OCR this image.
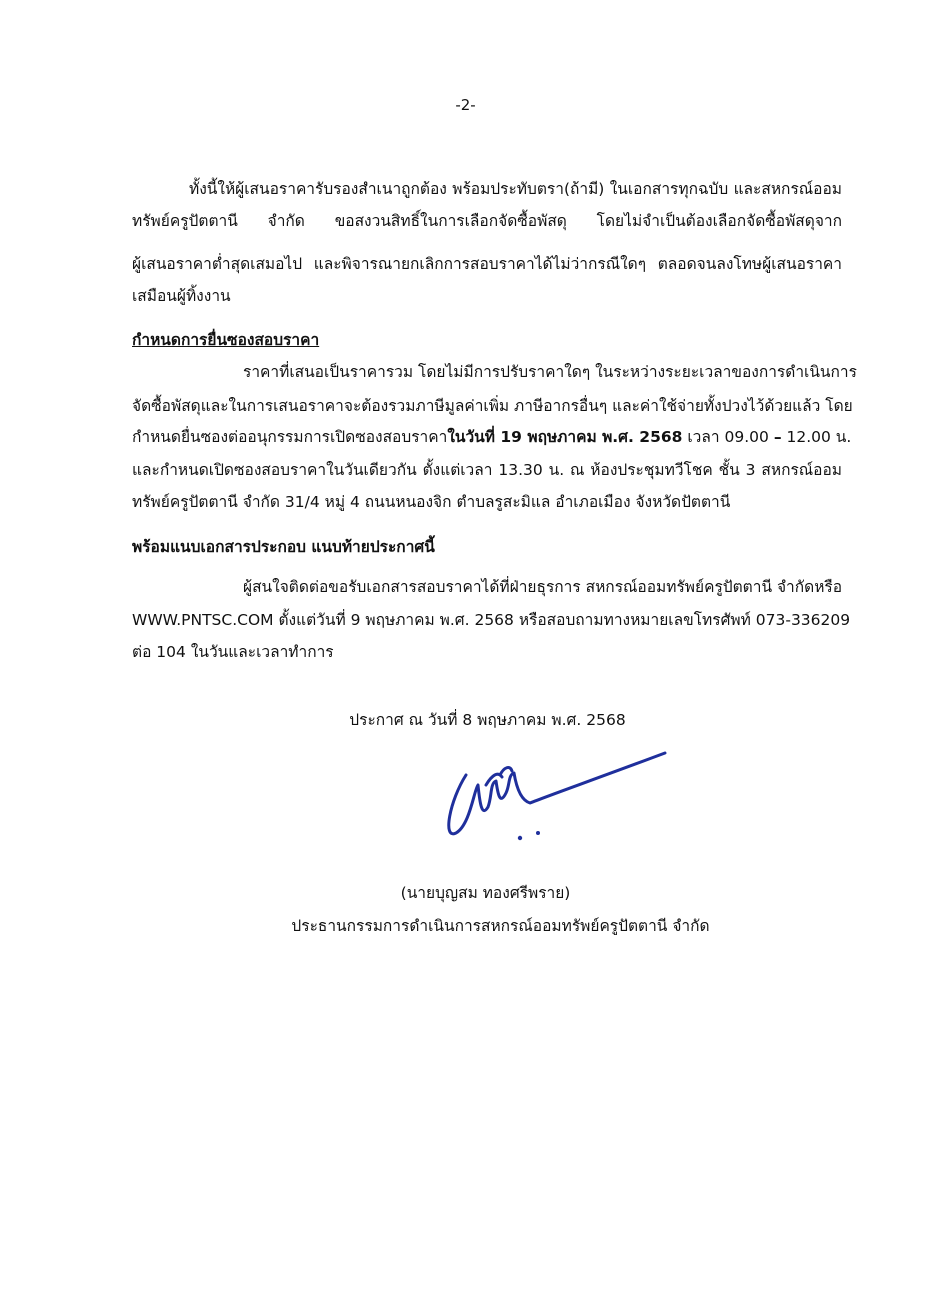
-2-
ทั้งนี้ให้ผู้เสนอราคารับรองสำเนาถูกต้อง พร้อมประทับตรา(ถ้ามี) ในเอกสารทุกฉบับ และสหกรณ์ออม
ทรัพย์ครูปัตตานี จำกัด ขอสงวนสิทธิ์ในการเลือกจัดซื้อพัสดุ โดยไม่จำเป็นต้องเลือกจัดซื้อพัสดุจาก
ผู้เสนอราคาต่ำสุดเสมอไป และพิจารณายกเลิกการสอบราคาได้ไม่ว่ากรณีใดๆ ตลอดจนลงโทษผู้เสนอราคา
เสมือนผู้ทิ้งงาน
กำหนดการยื่นซองสอบราคา
ราคาที่เสนอเป็นราคารวม โดยไม่มีการปรับราคาใดๆ ในระหว่างระยะเวลาของการดำเนินการ
จัดซื้อพัสดุและในการเสนอราคาจะต้องรวมภาษีมูลค่าเพิ่ม ภาษีอากรอื่นๆ และค่าใช้จ่ายทั้งปวงไว้ด้วยแล้ว โดย
กำหนดยื่นซองต่ออนุกรรมการเปิดซองสอบราคาในวันที่ 19 พฤษภาคม พ.ศ. 2568 เวลา 09.00 – 12.00 น.
และกำหนดเปิดซองสอบราคาในวันเดียวกัน ตั้งแต่เวลา 13.30 น. ณ ห้องประชุมทวีโชค ชั้น 3 สหกรณ์ออม
ทรัพย์ครูปัตตานี จำกัด 31/4 หมู่ 4 ถนนหนองจิก ตำบลรูสะมิแล อำเภอเมือง จังหวัดปัตตานี
พร้อมแนบเอกสารประกอบ แนบท้ายประกาศนี้
ผู้สนใจติดต่อขอรับเอกสารสอบราคาได้ที่ฝ่ายธุรการ สหกรณ์ออมทรัพย์ครูปัตตานี จำกัดหรือ
WWW.PNTSC.COM ตั้งแต่วันที่ 9 พฤษภาคม พ.ศ. 2568 หรือสอบถามทางหมายเลขโทรศัพท์ 073-336209
ต่อ 104 ในวันและเวลาทำการ
ประกาศ ณ วันที่ 8 พฤษภาคม พ.ศ. 2568
(นายบุญสม ทองศรีพราย)
ประธานกรรมการดำเนินการสหกรณ์ออมทรัพย์ครูปัตตานี จำกัด
